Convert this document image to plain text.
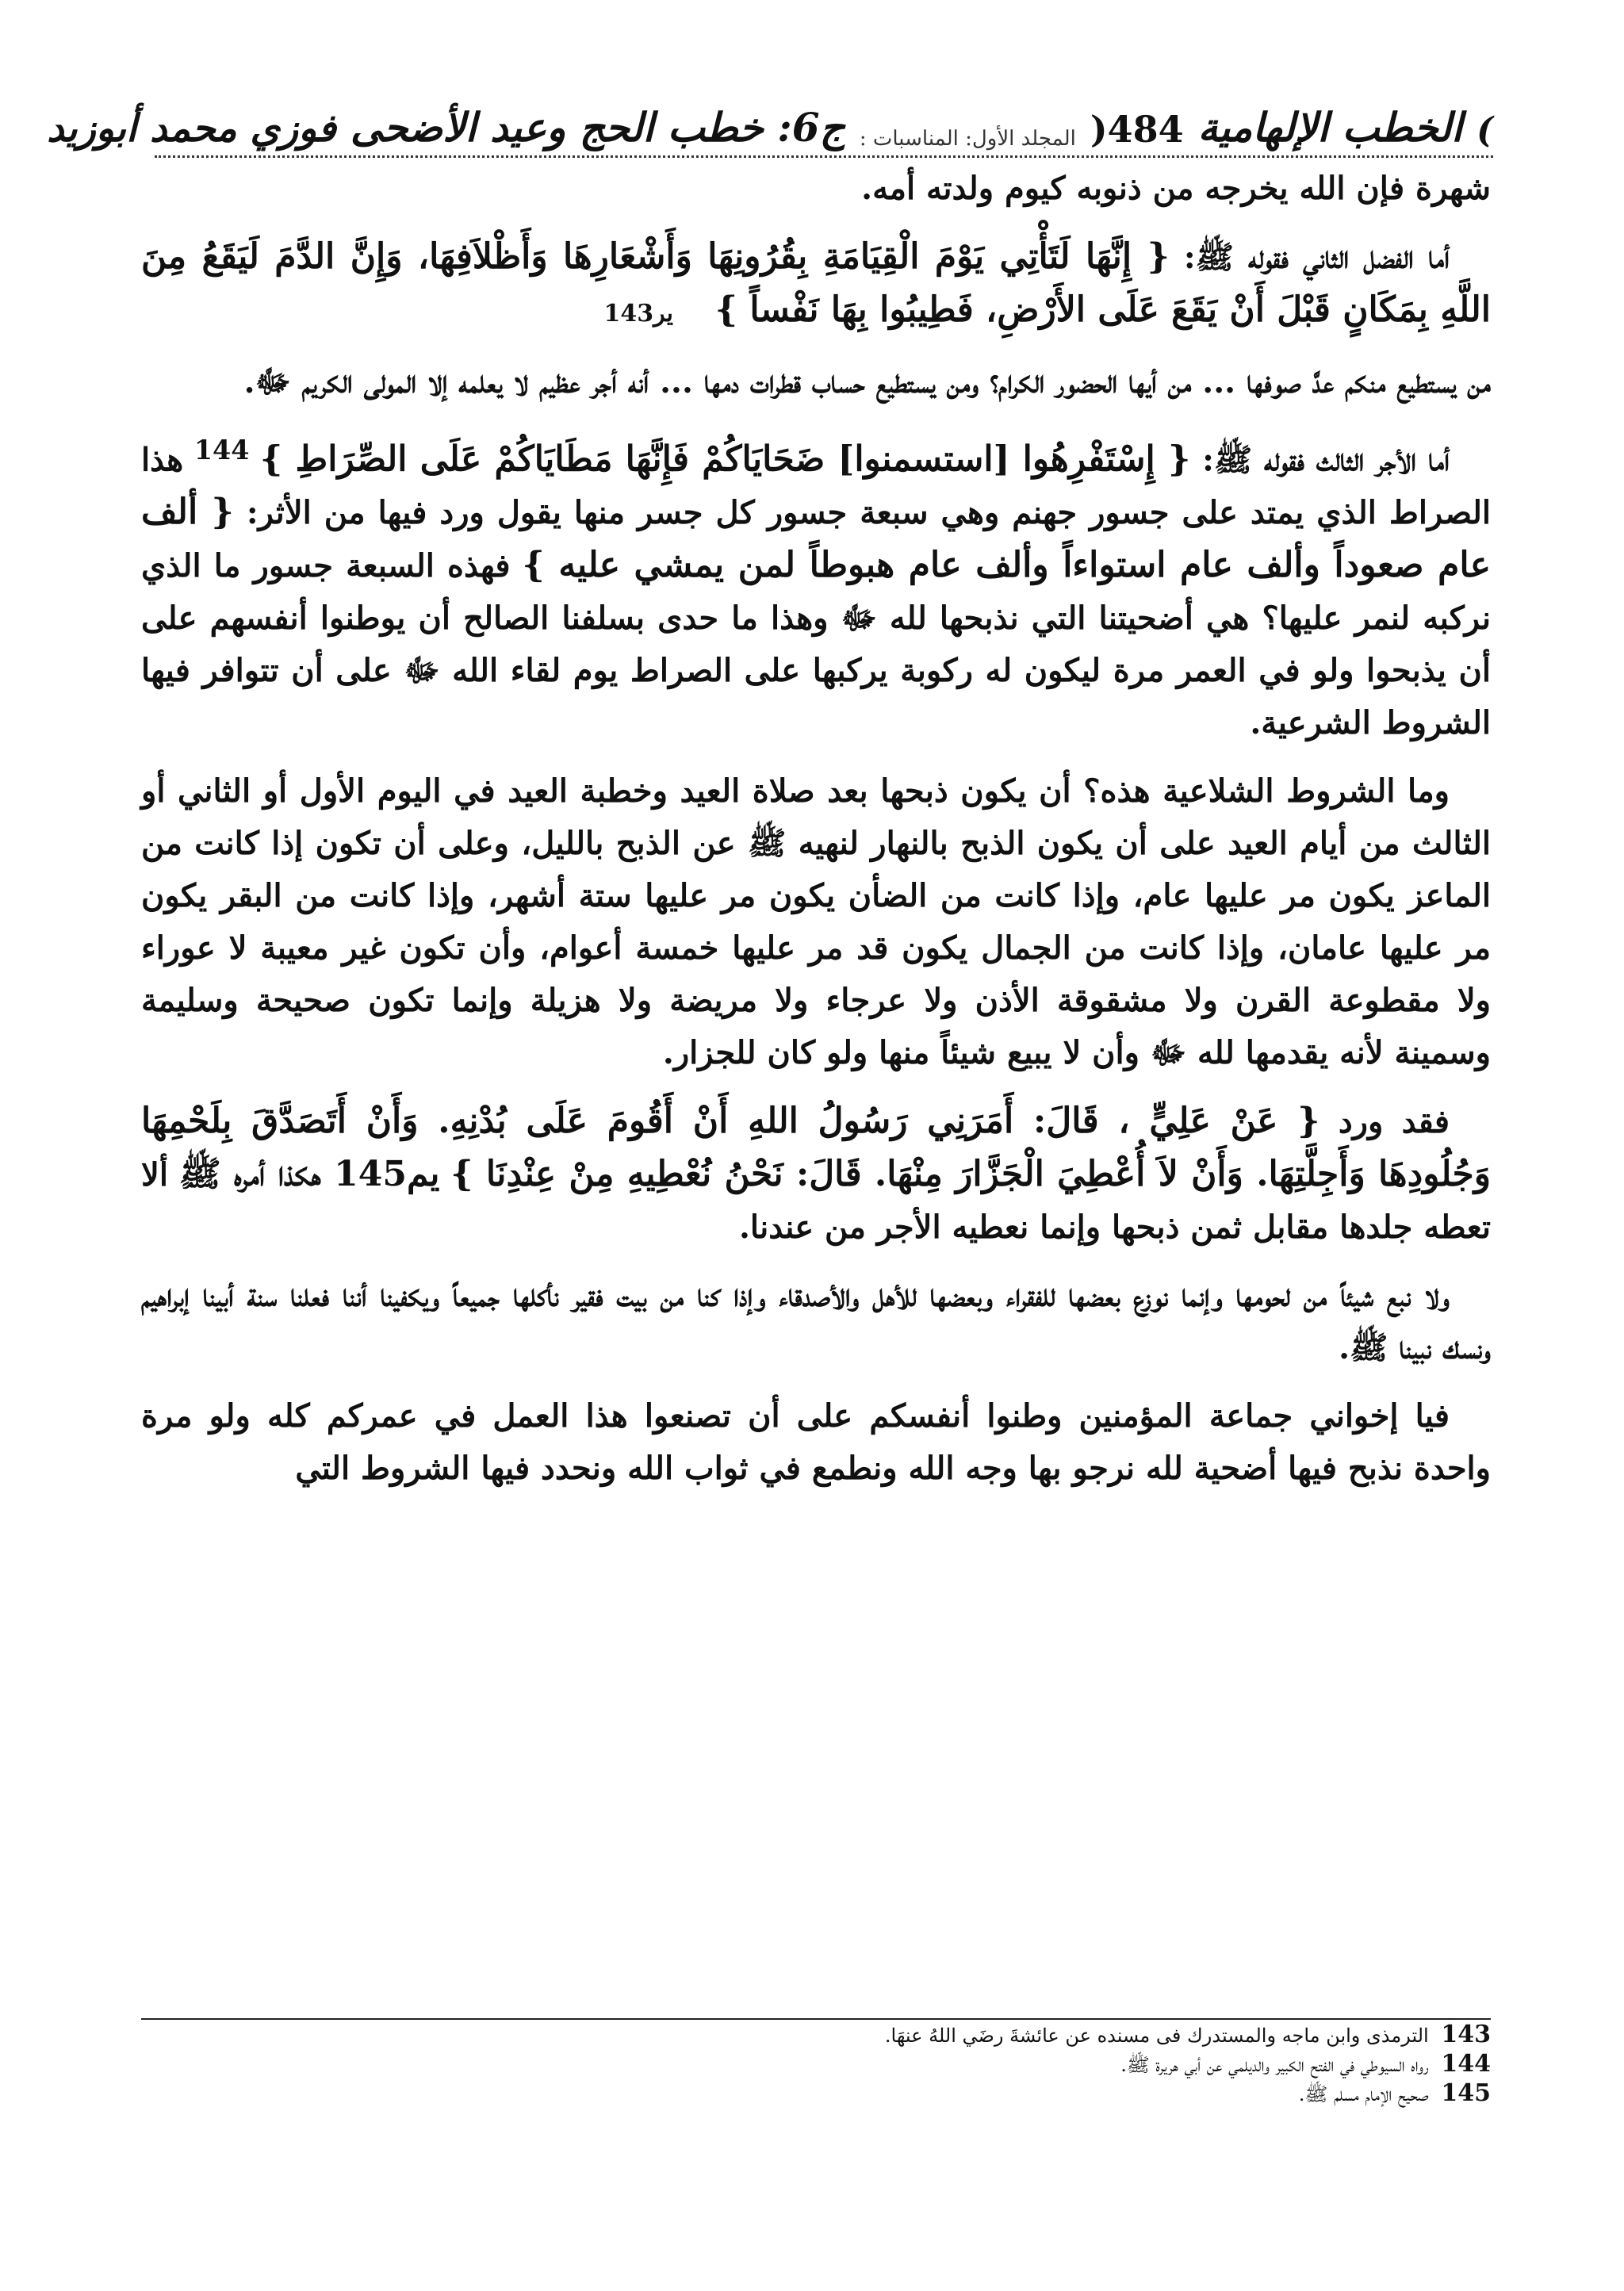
)
الخطب الإلهامية
484(
المجلد الأول: المناسبات :
ج6: خطب الحج وعيد الأضحى
فوزي محمد أبوزيد

شهرة فإن الله يخرجه من ذنوبه كيوم ولدته أمه.

أما الفضل الثاني فقوله ﷺ: { إِنَّهَا لَتَأْتِي يَوْمَ الْقِيَامَةِ بِقُرُونِهَا وَأَشْعَارِهَا وَأَظْلاَفِهَا، وَإِنَّ الدَّمَ لَيَقَعُ مِنَ اللَّهِ بِمَكَانٍ قَبْلَ أَنْ يَقَعَ عَلَى الأَرْضِ، فَطِيبُوا بِهَا نَفْساً } ير143

من يستطيع منكم عدَّ صوفها ... من أيها الحضور الكرام؟ ومن يستطيع حساب قطرات دمها ... أنه أجر عظيم لا يعلمه إلا المولى الكريم ﷻ.

أما الأجر الثالث فقوله ﷺ: { إِسْتَفْرِهُوا [استسمنوا] ضَحَايَاكُمْ فَإِنَّهَا مَطَايَاكُمْ عَلَى الصِّرَاطِ } $^{144}$ هذا الصراط الذي يمتد على جسور جهنم وهي سبعة جسور كل جسر منها يقول ورد فيها من الأثر: { ألف عام صعوداً وألف عام استواءاً وألف عام هبوطاً لمن يمشي عليه } فهذه السبعة جسور ما الذي نركبه لنمر عليها؟ هي أضحيتنا التي نذبحها لله ﷻ وهذا ما حدى بسلفنا الصالح أن يوطنوا أنفسهم على أن يذبحوا ولو في العمر مرة ليكون له ركوبة يركبها على الصراط يوم لقاء الله ﷻ على أن تتوافر فيها الشروط الشرعية.

وما الشروط الشلاعية هذه؟ أن يكون ذبحها بعد صلاة العيد وخطبة العيد في اليوم الأول أو الثاني أو الثالث من أيام العيد على أن يكون الذبح بالنهار لنهيه ﷺ عن الذبح بالليل، وعلى أن تكون إذا كانت من الماعز يكون مر عليها عام، وإذا كانت من الضأن يكون مر عليها ستة أشهر، وإذا كانت من البقر يكون مر عليها عامان، وإذا كانت من الجمال يكون قد مر عليها خمسة أعوام، وأن تكون غير معيبة لا عوراء ولا مقطوعة القرن ولا مشقوقة الأذن ولا عرجاء ولا مريضة ولا هزيلة وإنما تكون صحيحة وسليمة وسمينة لأنه يقدمها لله ﷻ وأن لا يبيع شيئاً منها ولو كان للجزار.

فقد ورد { عَنْ عَلِيٍّ ، قَالَ: أَمَرَنِي رَسُولُ اللهِ أَنْ أَقُومَ عَلَى بُدْنِهِ. وَأَنْ أَتَصَدَّقَ بِلَحْمِهَا وَجُلُودِهَا وَأَجِلَّتِهَا. وَأَنْ لاَ أُعْطِيَ الْجَزَّارَ مِنْهَا. قَالَ: نَحْنُ نُعْطِيهِ مِنْ عِنْدِنَا } يم145 هكذا أمره ﷺ ألا تعطه جلدها مقابل ثمن ذبحها وإنما نعطيه الأجر من عندنا.

ولا نبع شيئاً من لحومها وإنما نوزع بعضها للفقراء وبعضها للأهل والأصدقاء وإذا كنا من بيت فقير نأكلها جميعاً ويكفينا أننا فعلنا سنة أبينا إبراهيم ونسك نبينا ﷺ.

فيا إخواني جماعة المؤمنين وطنوا أنفسكم على أن تصنعوا هذا العمل في عمركم كله ولو مرة واحدة نذبح فيها أضحية لله نرجو بها وجه الله ونطمع في ثواب الله ونحدد فيها الشروط التي

143 الترمذى وابن ماجه والمستدرك فى مسنده عن عائشةَ رضَي اللهُ عنهَا.
144 رواه السيوطي في الفتح الكبير والديلمي عن أبي هريرة ﷺ.
145 صحيح الإمام مسلم ﷺ.
